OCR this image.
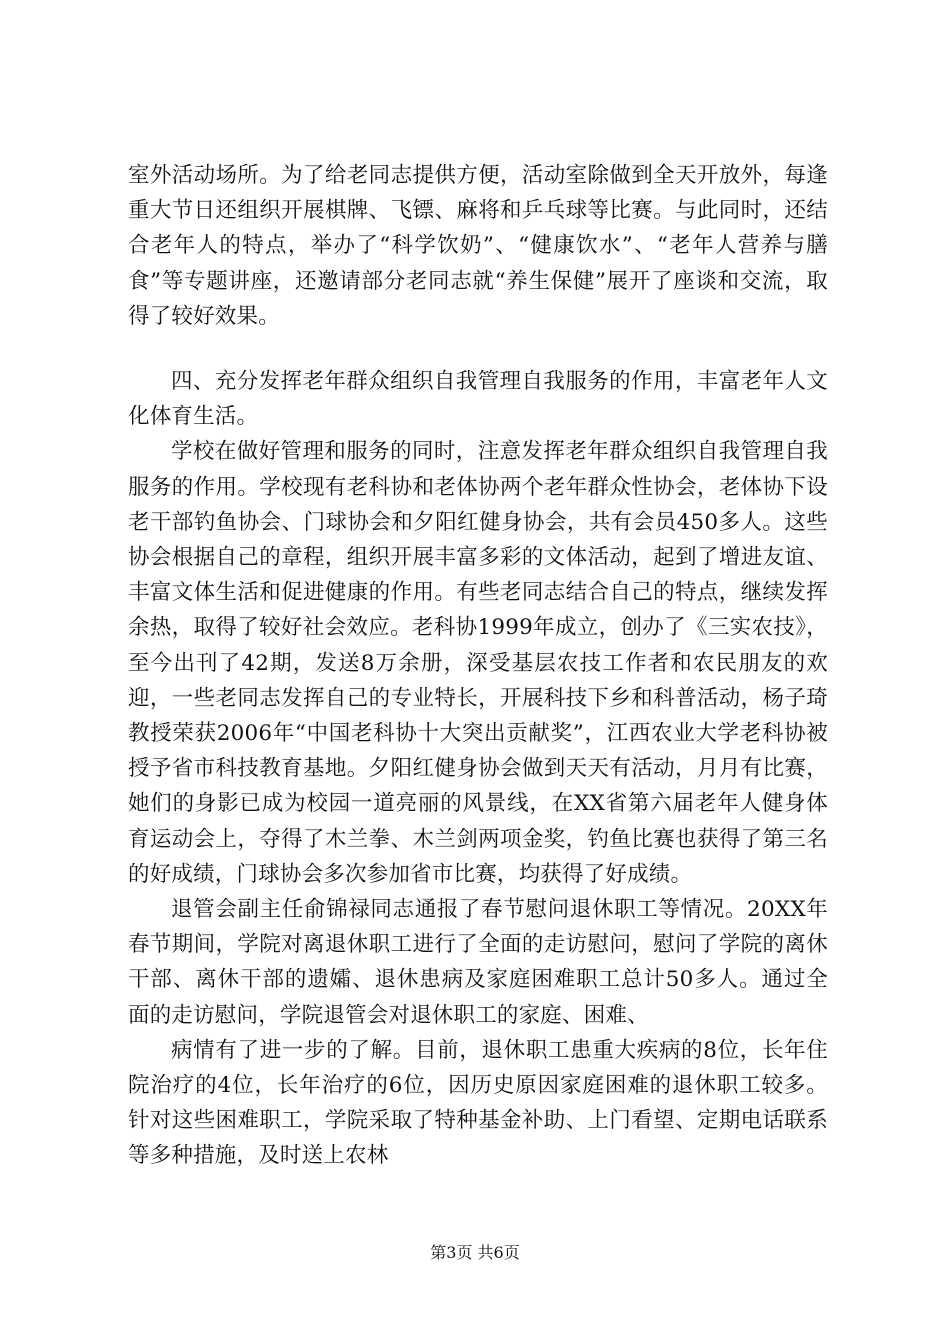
室外活动场所。为了给老同志提供方便，活动室除做到全天开放外，每逢重大节日还组织开展棋牌、飞镖、麻将和乒乓球等比赛。与此同时，还结合老年人的特点，举办了“科学饮奶”、“健康饮水”、“老年人营养与膳食”等专题讲座，还邀请部分老同志就“养生保健”展开了座谈和交流，取得了较好效果。

四、充分发挥老年群众组织自我管理自我服务的作用，丰富老年人文化体育生活。

学校在做好管理和服务的同时，注意发挥老年群众组织自我管理自我服务的作用。学校现有老科协和老体协两个老年群众性协会，老体协下设老干部钓鱼协会、门球协会和夕阳红健身协会，共有会员450多人。这些协会根据自己的章程，组织开展丰富多彩的文体活动，起到了增进友谊、丰富文体生活和促进健康的作用。有些老同志结合自己的特点，继续发挥余热，取得了较好社会效应。老科协1999年成立，创办了《三实农技》，至今出刊了42期，发送8万余册，深受基层农技工作者和农民朋友的欢迎，一些老同志发挥自己的专业特长，开展科技下乡和科普活动，杨子琦教授荣获2006年“中国老科协十大突出贡献奖”，江西农业大学老科协被授予省市科技教育基地。夕阳红健身协会做到天天有活动，月月有比赛，她们的身影已成为校园一道亮丽的风景线，在XX省第六届老年人健身体育运动会上，夺得了木兰拳、木兰剑两项金奖，钓鱼比赛也获得了第三名的好成绩，门球协会多次参加省市比赛，均获得了好成绩。

退管会副主任俞锦禄同志通报了春节慰问退休职工等情况。20XX年春节期间，学院对离退休职工进行了全面的走访慰问，慰问了学院的离休干部、离休干部的遗孀、退休患病及家庭困难职工总计50多人。通过全面的走访慰问，学院退管会对退休职工的家庭、困难、

病情有了进一步的了解。目前，退休职工患重大疾病的8位，长年住院治疗的4位，长年治疗的6位，因历史原因家庭困难的退休职工较多。针对这些困难职工，学院采取了特种基金补助、上门看望、定期电话联系等多种措施，及时送上农林

第3页 共6页
